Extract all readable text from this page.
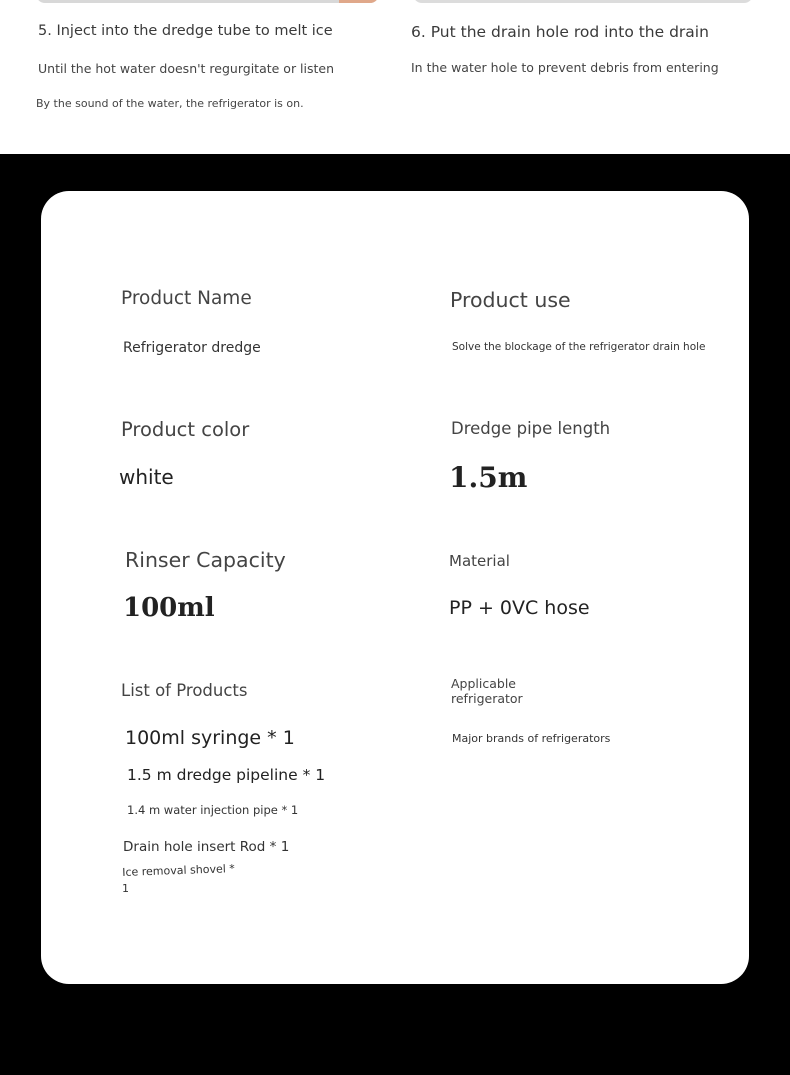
5. Inject into the dredge tube to melt ice
Until the hot water doesn't regurgitate or listen
By the sound of the water, the refrigerator is on.
6. Put the drain hole rod into the drain
In the water hole to prevent debris from entering
Product Name
Refrigerator dredge
Product use
Solve the blockage of the refrigerator drain hole
Product color
white
Dredge pipe length
1.5m
Rinser Capacity
100ml
Material
PP + 0VC hose
List of Products
100ml syringe * 1
1.5 m dredge pipeline * 1
1.4 m water injection pipe * 1
Drain hole insert Rod * 1
Ice removal shovel *
1
Applicable
refrigerator
Major brands of refrigerators
